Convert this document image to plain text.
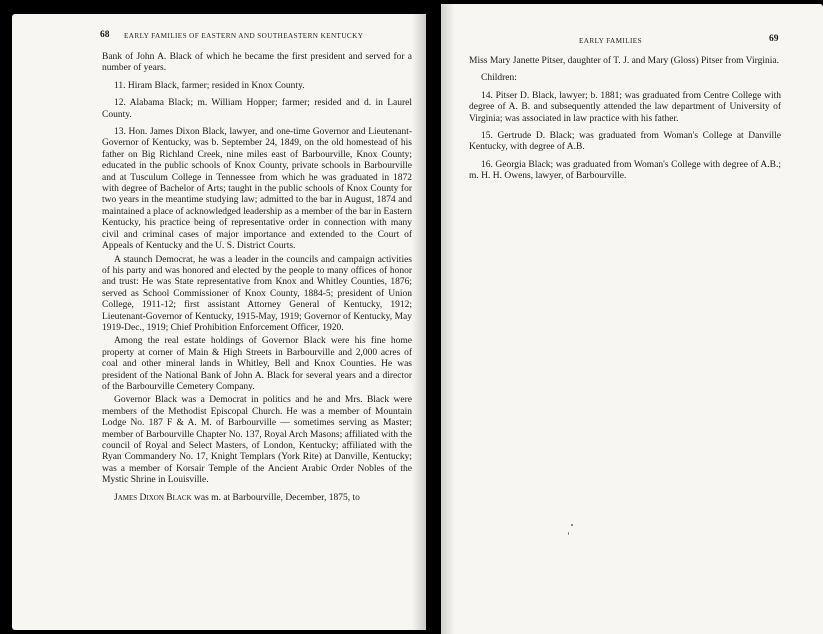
68 EARLY FAMILIES OF EASTERN AND SOUTHEASTERN KENTUCKY

Bank of John A. Black of which he became the first president and served for a number of years.

11. Hiram Black, farmer; resided in Knox County.

12. Alabama Black; m. William Hopper; farmer; resided and d. in Laurel County.

13. Hon. James Dixon Black, lawyer, and one-time Governor and Lieutenant-Governor of Kentucky, was b. September 24, 1849, on the old homestead of his father on Big Richland Creek, nine miles east of Barbourville, Knox County; educated in the public schools of Knox County, private schools in Barbourville and at Tusculum College in Tennessee from which he was graduated in 1872 with degree of Bachelor of Arts; taught in the public schools of Knox County for two years in the meantime studying law; admitted to the bar in August, 1874 and maintained a place of acknowledged leadership as a member of the bar in Eastern Kentucky, his practice being of representative order in connection with many civil and criminal cases of major importance and extended to the Court of Appeals of Kentucky and the U. S. District Courts.

A staunch Democrat, he was a leader in the councils and campaign activities of his party and was honored and elected by the people to many offices of honor and trust: He was State representative from Knox and Whitley Counties, 1876; served as School Commissioner of Knox County, 1884-5; president of Union College, 1911-12; first assistant Attorney General of Kentucky, 1912; Lieutenant-Governor of Kentucky, 1915-May, 1919; Governor of Kentucky, May 1919-Dec., 1919; Chief Prohibition Enforcement Officer, 1920.

Among the real estate holdings of Governor Black were his fine home property at corner of Main & High Streets in Barbourville and 2,000 acres of coal and other mineral lands in Whitley, Bell and Knox Counties. He was president of the National Bank of John A. Black for several years and a director of the Barbourville Cemetery Company.

Governor Black was a Democrat in politics and he and Mrs. Black were members of the Methodist Episcopal Church. He was a member of Mountain Lodge No. 187 F & A. M. of Barbourville — sometimes serving as Master; member of Barbourville Chapter No. 137, Royal Arch Masons; affiliated with the council of Royal and Select Masters, of London, Kentucky; affiliated with the Ryan Commandery No. 17, Knight Templars (York Rite) at Danville, Kentucky; was a member of Korsair Temple of the Ancient Arabic Order Nobles of the Mystic Shrine in Louisville.

James Dixon Black was m. at Barbourville, December, 1875, to

EARLY FAMILIES	69

Miss Mary Janette Pitser, daughter of T. J. and Mary (Gloss) Pitser from Virginia.

Children:

14. Pitser D. Black, lawyer; b. 1881; was graduated from Centre College with degree of A. B. and subsequently attended the law department of University of Virginia; was associated in law practice with his father.

15. Gertrude D. Black; was graduated from Woman's College at Danville Kentucky, with degree of A.B.

16. Georgia Black; was graduated from Woman's College with degree of A.B.; m. H. H. Owens, lawyer, of Barbourville.
